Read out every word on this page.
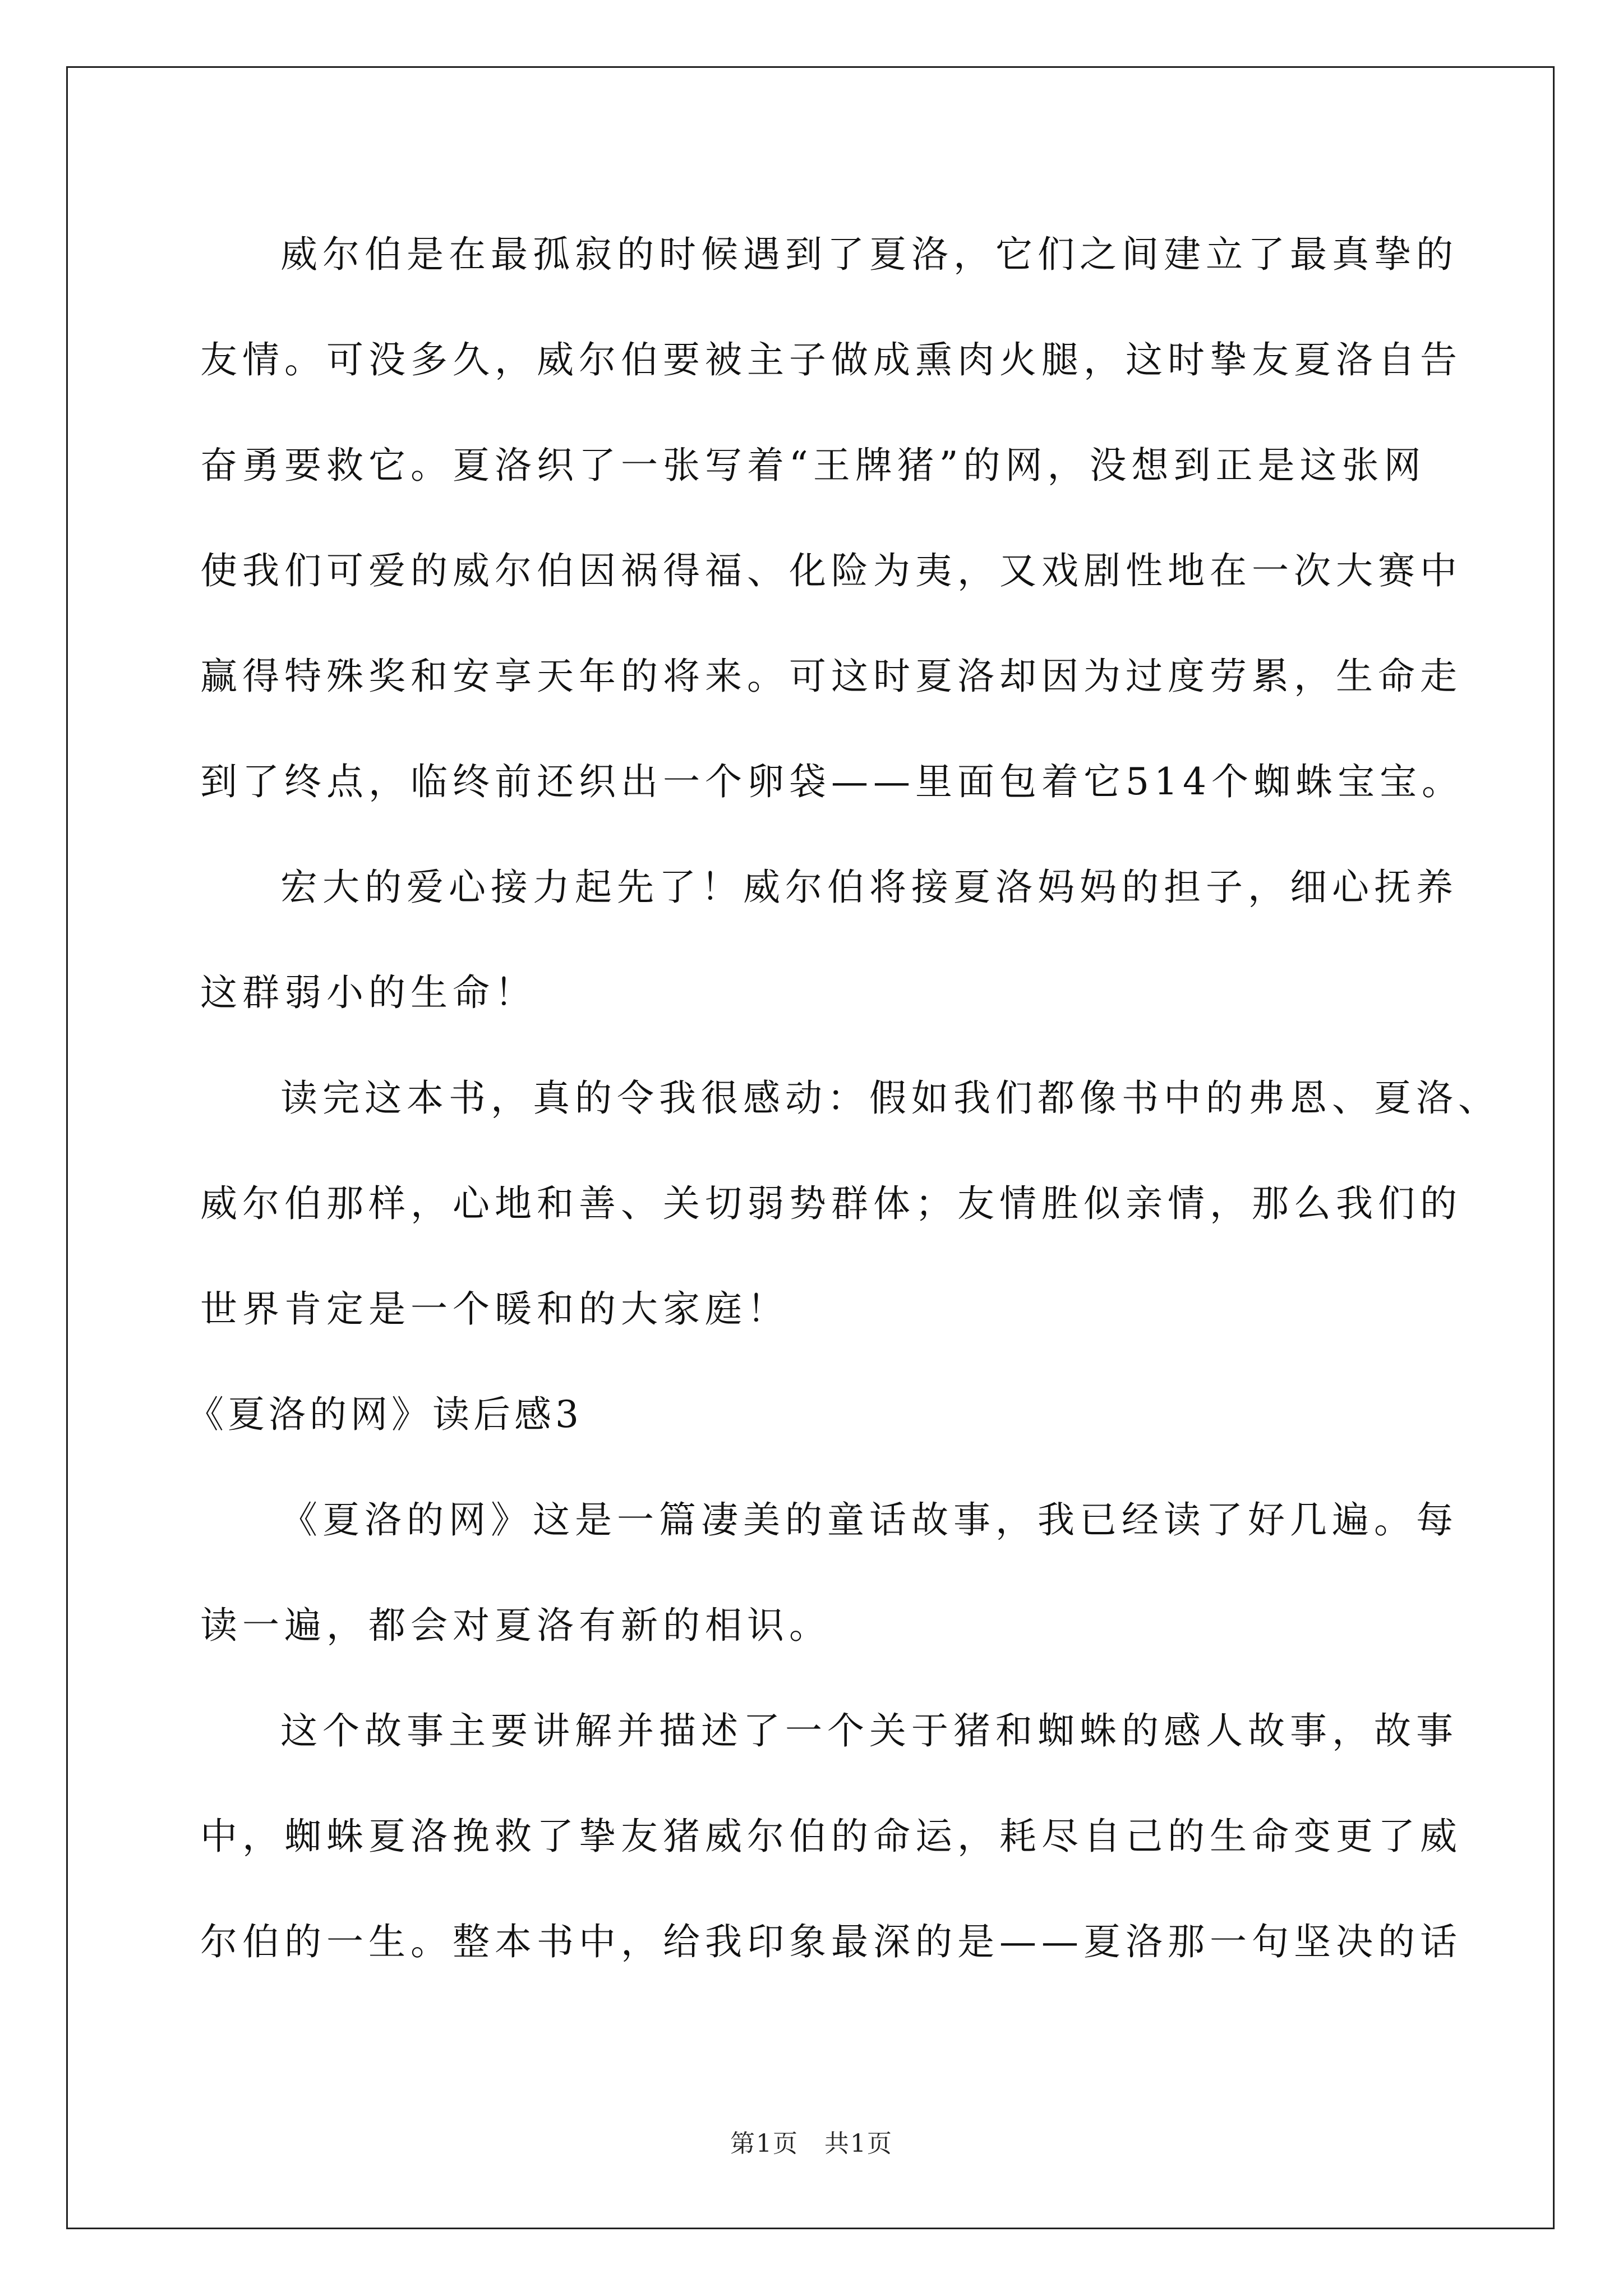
威尔伯是在最孤寂的时候遇到了夏洛，它们之间建立了最真挚的
友情。可没多久，威尔伯要被主子做成熏肉火腿，这时挚友夏洛自告
奋勇要救它。夏洛织了一张写着“王牌猪”的网，没想到正是这张网
使我们可爱的威尔伯因祸得福、化险为夷，又戏剧性地在一次大赛中
赢得特殊奖和安享天年的将来。可这时夏洛却因为过度劳累，生命走
到了终点，临终前还织出一个卵袋——里面包着它514个蜘蛛宝宝。
宏大的爱心接力起先了！威尔伯将接夏洛妈妈的担子，细心抚养
这群弱小的生命！
读完这本书，真的令我很感动：假如我们都像书中的弗恩、夏洛、
威尔伯那样，心地和善、关切弱势群体；友情胜似亲情，那么我们的
世界肯定是一个暖和的大家庭！
《夏洛的网》读后感3
《夏洛的网》这是一篇凄美的童话故事，我已经读了好几遍。每
读一遍，都会对夏洛有新的相识。
这个故事主要讲解并描述了一个关于猪和蜘蛛的感人故事，故事
中，蜘蛛夏洛挽救了挚友猪威尔伯的命运，耗尽自己的生命变更了威
尔伯的一生。整本书中，给我印象最深的是——夏洛那一句坚决的话
第1页　共1页
